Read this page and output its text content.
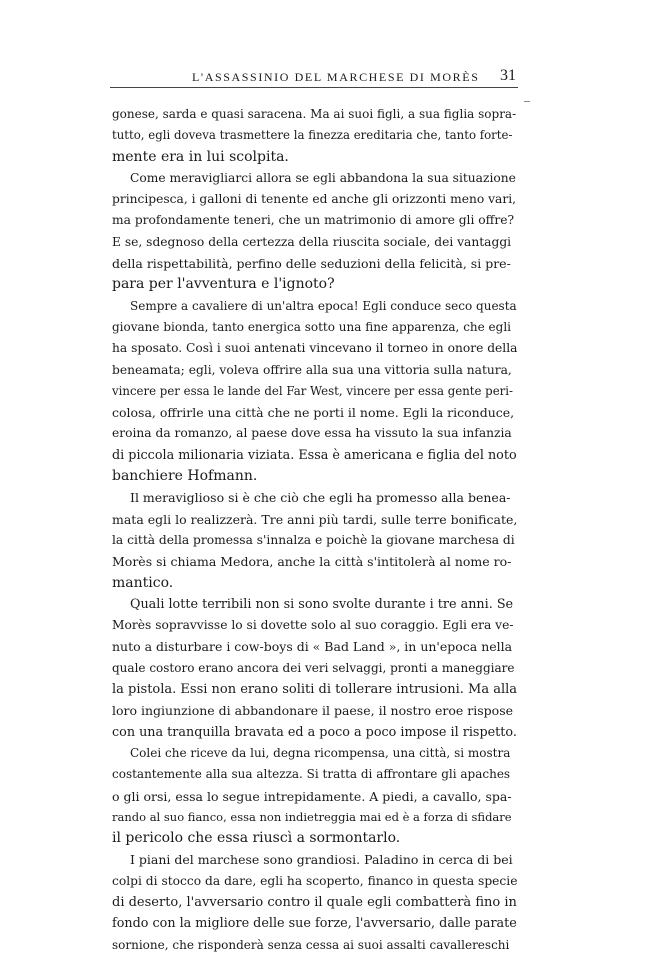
L'ASSASSINIO DEL MARCHESE DI MORÈS 31
gonese, sarda e quasi saracena. Ma ai suoi figli, a sua figlia sopra-
tutto, egli doveva trasmettere la finezza ereditaria che, tanto forte-
mente era in lui scolpita.
Come meravigliarci allora se egli abbandona la sua situazione
principesca, i galloni di tenente ed anche gli orizzonti meno vari,
ma profondamente teneri, che un matrimonio di amore gli offre?
E se, sdegnoso della certezza della riuscita sociale, dei vantaggi
della rispettabilità, perfino delle seduzioni della felicità, si pre-
para per l'avventura e l'ignoto?
Sempre a cavaliere di un'altra epoca! Egli conduce seco questa
giovane bionda, tanto energica sotto una fine apparenza, che egli
ha sposato. Così i suoi antenati vincevano il torneo in onore della
beneamata; egli, voleva offrire alla sua una vittoria sulla natura,
vincere per essa le lande del Far West, vincere per essa gente peri-
colosa, offrirle una città che ne porti il nome. Egli la riconduce,
eroina da romanzo, al paese dove essa ha vissuto la sua infanzia
di piccola milionaria viziata. Essa è americana e figlia del noto
banchiere Hofmann.
Il meraviglioso si è che ciò che egli ha promesso alla benea-
mata egli lo realizzerà. Tre anni più tardi, sulle terre bonificate,
la città della promessa s'innalza e poichè la giovane marchesa di
Morès si chiama Medora, anche la città s'intitolerà al nome ro-
mantico.
Quali lotte terribili non si sono svolte durante i tre anni. Se
Morès sopravvisse lo si dovette solo al suo coraggio. Egli era ve-
nuto a disturbare i cow-boys di « Bad Land », in un'epoca nella
quale costoro erano ancora dei veri selvaggi, pronti a maneggiare
la pistola. Essi non erano soliti di tollerare intrusioni. Ma alla
loro ingiunzione di abbandonare il paese, il nostro eroe rispose
con una tranquilla bravata ed a poco a poco impose il rispetto.
Colei che riceve da lui, degna ricompensa, una città, si mostra
costantemente alla sua altezza. Si tratta di affrontare gli apaches
o gli orsi, essa lo segue intrepidamente. A piedi, a cavallo, spa-
rando al suo fianco, essa non indietreggia mai ed è a forza di sfidare
il pericolo che essa riuscì a sormontarlo.
I piani del marchese sono grandiosi. Paladino in cerca di bei
colpi di stocco da dare, egli ha scoperto, financo in questa specie
di deserto, l'avversario contro il quale egli combatterà fino in
fondo con la migliore delle sue forze, l'avversario, dalle parate
sornione, che risponderà senza cessa ai suoi assalti cavallereschi
